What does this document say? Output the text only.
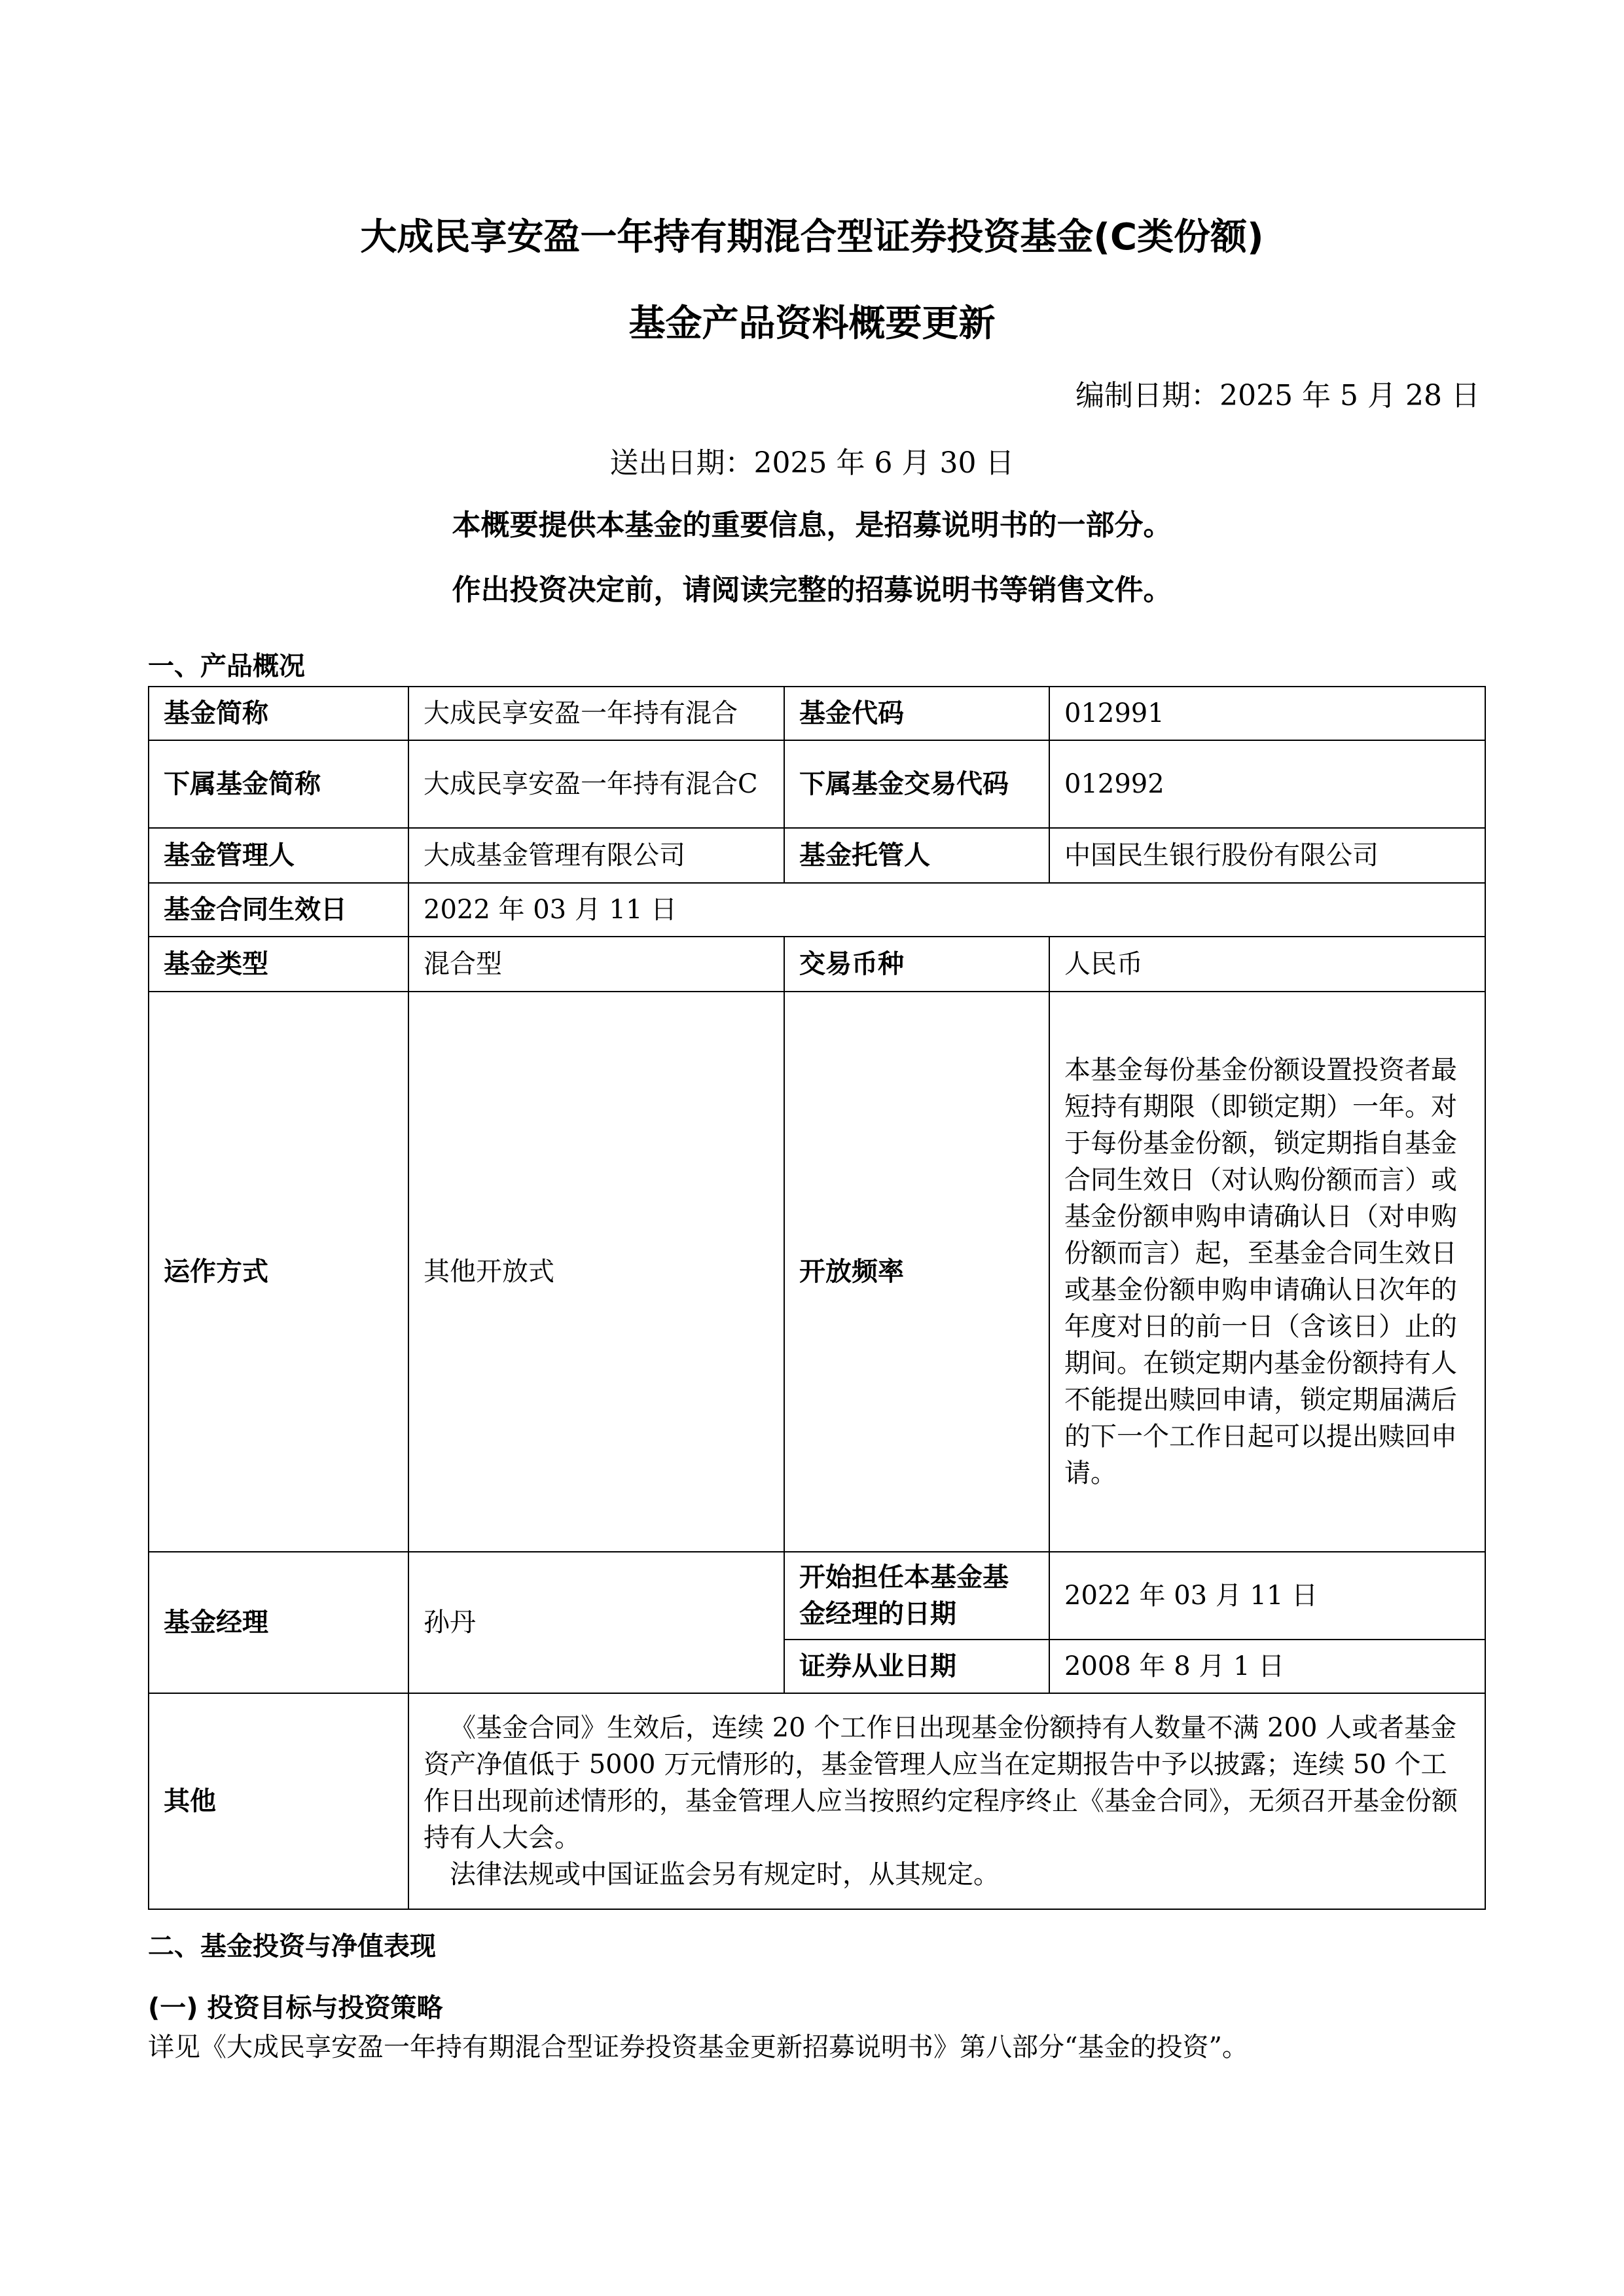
大成民享安盈一年持有期混合型证券投资基金(C类份额)
基金产品资料概要更新
编制日期：2025 年 5 月 28 日
送出日期：2025 年 6 月 30 日
本概要提供本基金的重要信息，是招募说明书的一部分。
作出投资决定前，请阅读完整的招募说明书等销售文件。
一、产品概况
基金简称	大成民享安盈一年持有混合	基金代码	012991
下属基金简称	大成民享安盈一年持有混合C	下属基金交易代码	012992
基金管理人	大成基金管理有限公司	基金托管人	中国民生银行股份有限公司
基金合同生效日	2022 年 03 月 11 日		
基金类型	混合型	交易币种	人民币
运作方式	其他开放式	开放频率	本基金每份基金份额设置投资者最短持有期限（即锁定期）一年。对于每份基金份额，锁定期指自基金合同生效日（对认购份额而言）或基金份额申购申请确认日（对申购份额而言）起，至基金合同生效日或基金份额申购申请确认日次年的年度对日的前一日（含该日）止的期间。在锁定期内基金份额持有人不能提出赎回申请，锁定期届满后的下一个工作日起可以提出赎回申请。
基金经理	孙丹	开始担任本基金基金经理的日期	2022 年 03 月 11 日
		证券从业日期	2008 年 8 月 1 日
其他	《基金合同》生效后，连续 20 个工作日出现基金份额持有人数量不满 200 人或者基金资产净值低于 5000 万元情形的，基金管理人应当在定期报告中予以披露；连续 50 个工作日出现前述情形的，基金管理人应当按照约定程序终止《基金合同》，无须召开基金份额持有人大会。

法律法规或中国证监会另有规定时，从其规定。		

二、基金投资与净值表现
(一) 投资目标与投资策略
详见《大成民享安盈一年持有期混合型证券投资基金更新招募说明书》第八部分“基金的投资”。
